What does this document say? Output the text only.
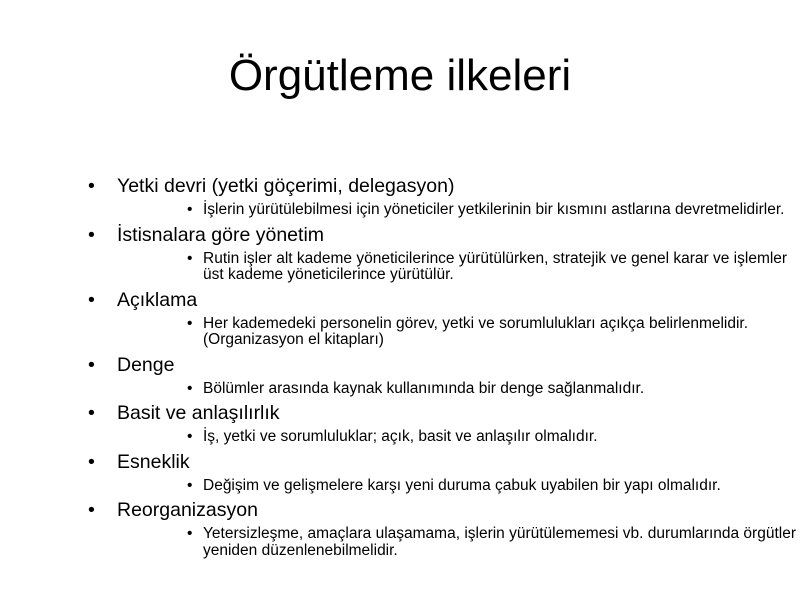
Örgütleme ilkeleri
• Yetki devri (yetki göçerimi, delegasyon)
• İşlerin yürütülebilmesi için yöneticiler yetkilerinin bir kısmını astlarına devretmelidirler.
• İstisnalara göre yönetim
• Rutin işler alt kademe yöneticilerince yürütülürken, stratejik ve genel karar ve işlemler üst kademe yöneticilerince yürütülür.
• Açıklama
• Her kademedeki personelin görev, yetki ve sorumlulukları açıkça belirlenmelidir. (Organizasyon el kitapları)
• Denge
• Bölümler arasında kaynak kullanımında bir denge sağlanmalıdır.
• Basit ve anlaşılırlık
• İş, yetki ve sorumluluklar; açık, basit ve anlaşılır olmalıdır.
• Esneklik
• Değişim ve gelişmelere karşı yeni duruma çabuk uyabilen bir yapı olmalıdır.
• Reorganizasyon
• Yetersizleşme, amaçlara ulaşamama, işlerin yürütülememesi vb. durumlarında örgütler yeniden düzenlenebilmelidir.
